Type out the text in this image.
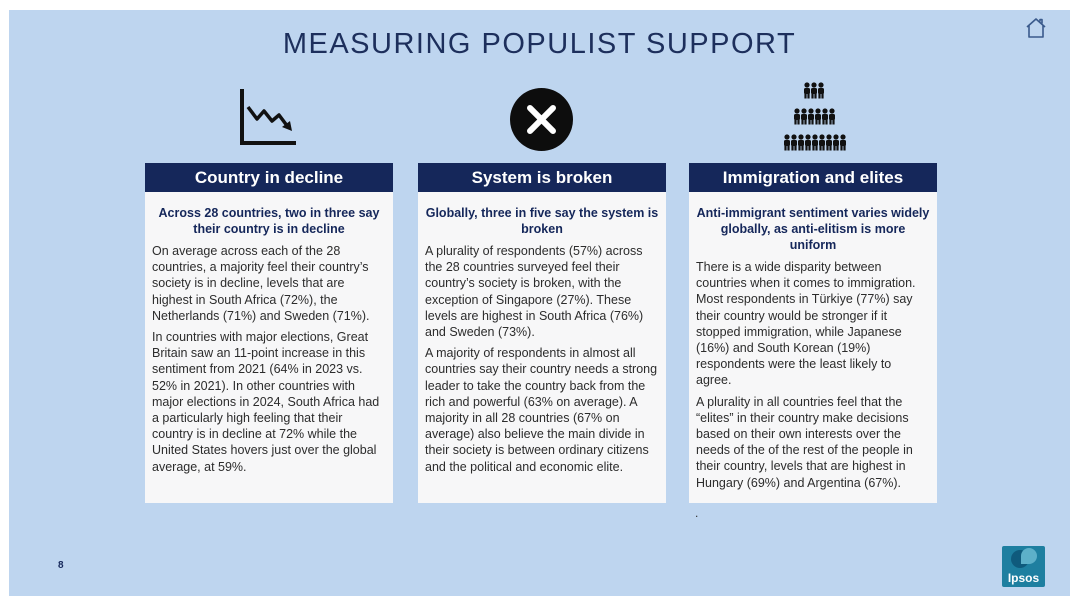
MEASURING POPULIST SUPPORT
Country in decline

Across 28 countries, two in three say their country is in decline

On average across each of the 28 countries, a majority feel their country’s society is in decline, levels that are highest in South Africa (72%), the Netherlands (71%) and Sweden (71%).

In countries with major elections, Great Britain saw an 11-point increase in this sentiment from 2021 (64% in 2023 vs. 52% in 2021). In other countries with major elections in 2024, South Africa had a particularly high feeling that their country is in decline at 72% while the United States hovers just over the global average, at 59%.

System is broken

Globally, three in five say the system is broken

A plurality of respondents (57%) across the 28 countries surveyed feel their country’s society is broken, with the exception of Singapore (27%). These levels are highest in South Africa (76%) and Sweden (73%).

A majority of respondents in almost all countries say their country needs a strong leader to take the country back from the rich and powerful (63% on average). A majority in all 28 countries (67% on average) also believe the main divide in their society is between ordinary citizens and the political and economic elite.

Immigration and elites

Anti-immigrant sentiment varies widely globally, as anti-elitism is more uniform

There is a wide disparity between countries when it comes to immigration. Most respondents in Türkiye (77%) say their country would be stronger if it stopped immigration, while Japanese (16%) and South Korean (19%) respondents were the least likely to agree.

A plurality in all countries feel that the “elites” in their country make decisions based on their own interests over the needs of the of the rest of the people in their country, levels that are highest in Hungary (69%) and Argentina (67%).

.
8
Ipsos
